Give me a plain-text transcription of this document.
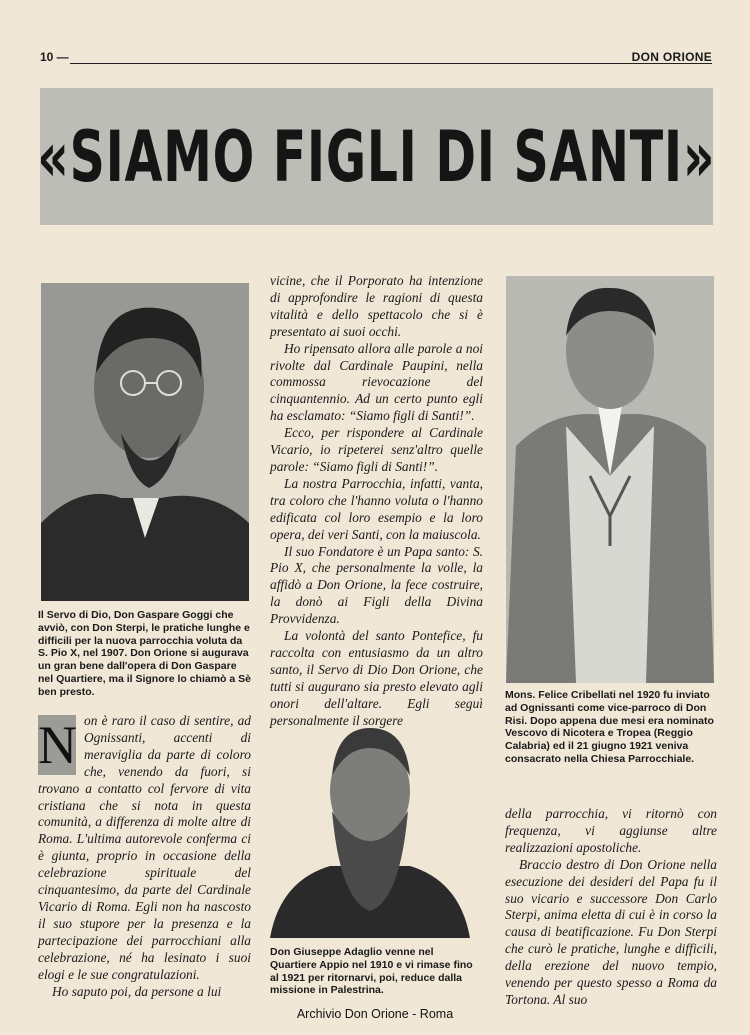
10 —	DON ORIONE
«SIAMO FIGLI DI SANTI»
Il Servo di Dio, Don Gaspare Goggi che avviò, con Don Sterpi, le pratiche lunghe e difficili per la nuova parrocchia voluta da S. Pio X, nel 1907. Don Orione si augurava un gran bene dall'opera di Don Gaspare nel Quartiere, ma il Signore lo chiamò a Sè ben presto.	Mons. Felice Cribellati nel 1920 fu inviato ad Ognissanti come vice-parroco di Don Risi. Dopo appena due mesi era nominato Vescovo di Nicotera e Tropea (Reggio Calabria) ed il 21 giugno 1921 veniva consacrato nella Chiesa Parrocchiale.
Don Giuseppe Adaglio venne nel Quartiere Appio nel 1910 e vi rimase fino al 1921 per ritornarvi, poi, reduce dalla missione in Palestrina.
N on è raro il caso di sentire, ad Ognissanti, accenti di meraviglia da parte di coloro che, venendo da fuori, si trovano a contatto col fervore di vita cristiana che si nota in questa comunità, a differenza di molte altre di Roma. L'ultima autorevole conferma ci è giunta, proprio in occasione della celebrazione spirituale del cinquantesimo, da parte del Cardinale Vicario di Roma. Egli non ha nascosto il suo stupore per la presenza e la partecipazione dei parrocchiani alla celebrazione, né ha lesinato i suoi elogi e le sue congratulazioni.

Ho saputo poi, da persone a lui

vicine, che il Porporato ha intenzione di approfondire le ragioni di questa vitalità e dello spettacolo che si è presentato ai suoi occhi.

Ho ripensato allora alle parole a noi rivolte dal Cardinale Paupini, nella commossa rievocazione del cinquantennio. Ad un certo punto egli ha esclamato: “Siamo figli di Santi!”.

Ecco, per rispondere al Cardinale Vicario, io ripeterei senz'altro quelle parole: “Siamo figli di Santi!”.

La nostra Parrocchia, infatti, vanta, tra coloro che l'hanno voluta o l'hanno edificata col loro esempio e la loro opera, dei veri Santi, con la maiuscola.

Il suo Fondatore è un Papa santo: S. Pio X, che personalmente la volle, la affidò a Don Orione, la fece costruire, la donò ai Figli della Divina Provvidenza.

La volontà del santo Pontefice, fu raccolta con entusiasmo da un altro santo, il Servo di Dio Don Orione, che tutti si augurano sia presto elevato agli onori dell'altare. Egli seguì personalmente il sorgere

della parrocchia, vi ritornò con frequenza, vi aggiunse altre realizzazioni apostoliche.

Braccio destro di Don Orione nella esecuzione dei desideri del Papa fu il suo vicario e successore Don Carlo Sterpi, anima eletta di cui è in corso la causa di beatificazione. Fu Don Sterpi che curò le pratiche, lunghe e difficili, della erezione del nuovo tempio, venendo per questo spesso a Roma da Tortona. Al suo

Archivio Don Orione - Roma
